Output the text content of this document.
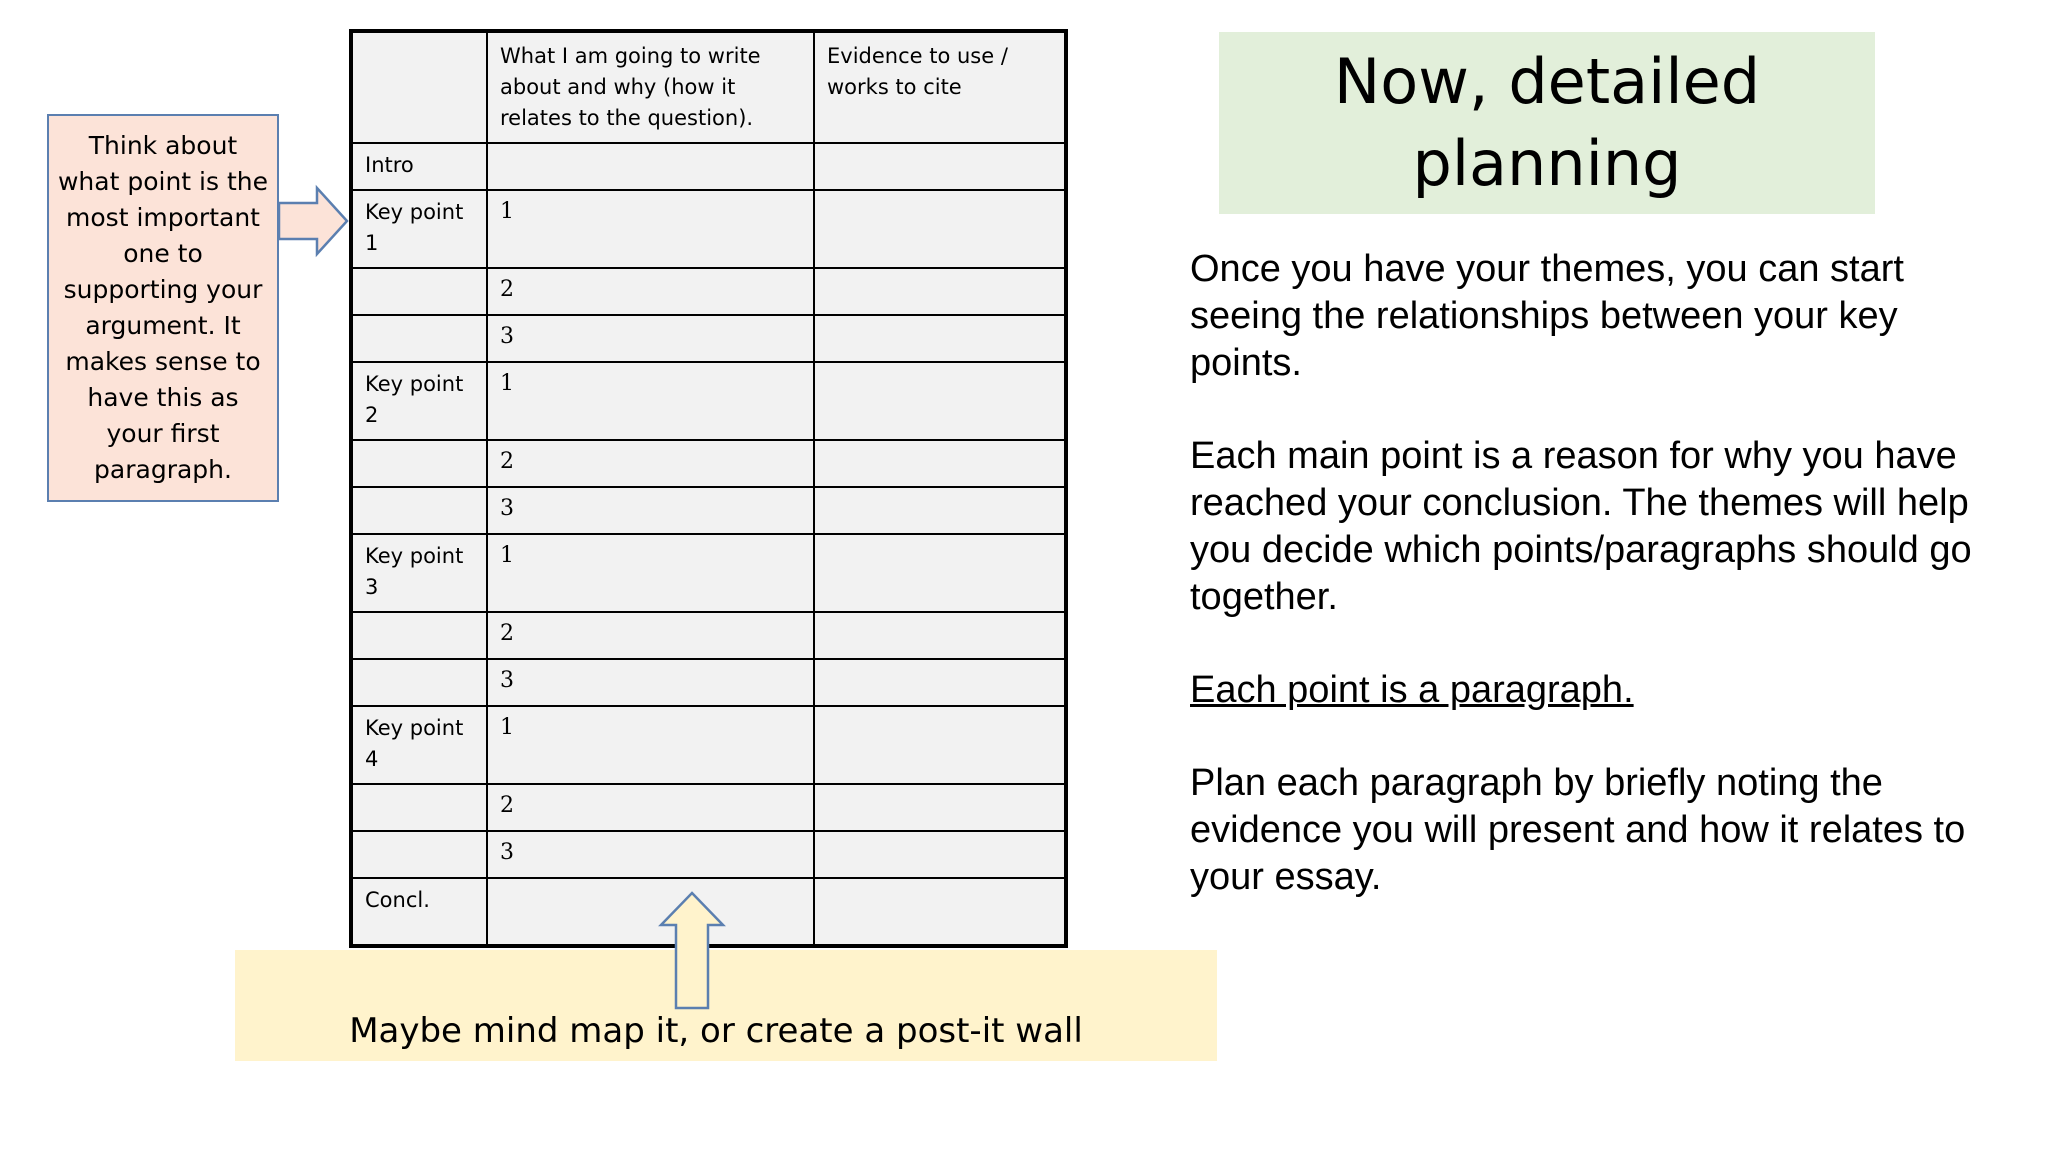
Think about what point is the most important one to supporting your argument. It makes sense to have this as your first paragraph.
	What I am going to write about and why (how it relates to the question).	Evidence to use / works to cite
Intro		
Key point 1	1	
	2	
	3	
Key point 2	1	
	2	
	3	
Key point 3	1	
	2	
	3	
Key point 4	1	
	2	
	3	
Concl.		
Maybe mind map it, or create a post-it wall
Now, detailed planning

Once you have your themes, you can start seeing the relationships between your key points.

Each main point is a reason for why you have reached your conclusion. The themes will help you decide which points/paragraphs should go together.

Each point is a paragraph.

Plan each paragraph by briefly noting the evidence you will present and how it relates to your essay.
